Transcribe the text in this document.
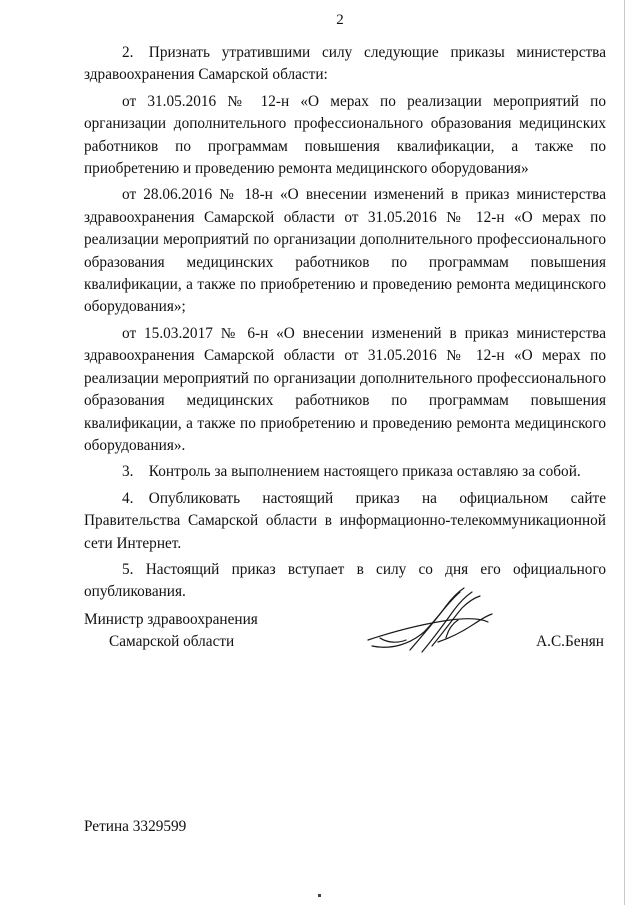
2

2. Признать утратившими силу следующие приказы министерства здравоохранения Самарской области:

от 31.05.2016 № 12-н «О мерах по реализации мероприятий по организации дополнительного профессионального образования медицинских работников по программам повышения квалификации, а также по приобретению и проведению ремонта медицинского оборудования»

от 28.06.2016 № 18-н «О внесении изменений в приказ министерства здравоохранения Самарской области от 31.05.2016 № 12-н «О мерах по реализации мероприятий по организации дополнительного профессионального образования медицинских работников по программам повышения квалификации, а также по приобретению и проведению ремонта медицинского оборудования»;

от 15.03.2017 № 6-н «О внесении изменений в приказ министерства здравоохранения Самарской области от 31.05.2016 № 12-н «О мерах по реализации мероприятий по организации дополнительного профессионального образования медицинских работников по программам повышения квалификации, а также по приобретению и проведению ремонта медицинского оборудования».

3. Контроль за выполнением настоящего приказа оставляю за собой.

4. Опубликовать настоящий приказ на официальном сайте Правительства Самарской области в информационно-телекоммуникационной сети Интернет.

5. Настоящий приказ вступает в силу со дня его официального опубликования.

Министр здравоохранения
Самарской области	А.С.Бенян
Ретина 3329599
